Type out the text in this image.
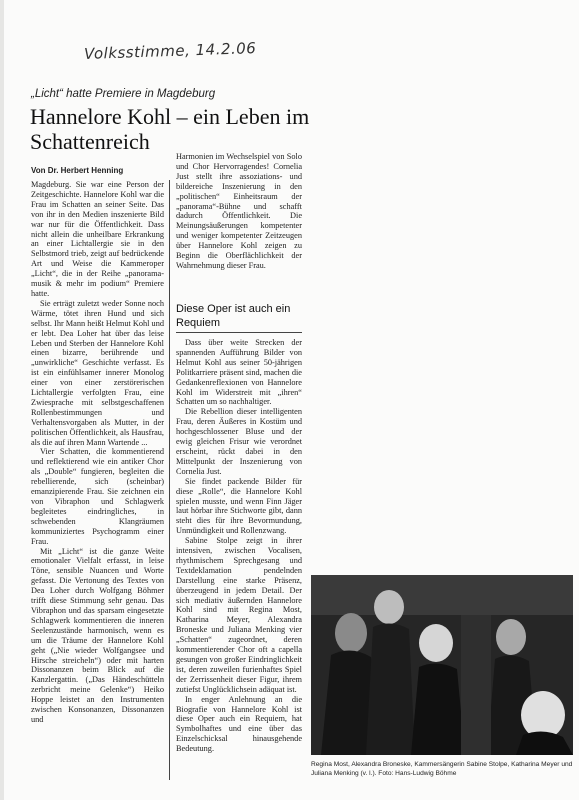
Volksstimme, 14.2.06
„Licht“ hatte Premiere in Magdeburg
Hannelore Kohl – ein Leben im Schattenreich
Von Dr. Herbert Henning

Magdeburg. Sie war eine Person der Zeitgeschichte. Hannelore Kohl war die Frau im Schatten an seiner Seite. Das von ihr in den Medien inszenierte Bild war nur für die Öffentlichkeit. Dass nicht allein die unheilbare Erkrankung an einer Lichtallergie sie in den Selbstmord trieb, zeigt auf bedrückende Art und Weise die Kammeroper „Licht“, die in der Reihe „panorama-musik & mehr im podium“ Premiere hatte.

Sie erträgt zuletzt weder Sonne noch Wärme, tötet ihren Hund und sich selbst. Ihr Mann heißt Helmut Kohl und er lebt. Dea Loher hat über das leise Leben und Sterben der Hannelore Kohl einen bizarre, berührende und „unwirkliche“ Geschichte verfasst. Es ist ein einfühlsamer innerer Monolog einer von einer zerstörerischen Lichtallergie verfolgten Frau, eine Zwiesprache mit selbstgeschaffenen Rollenbestimmungen und Verhaltensvorgaben als Mutter, in der politischen Öffentlichkeit, als Hausfrau, als die auf ihren Mann Wartende ...

Vier Schatten, die kommentierend und reflektierend wie ein antiker Chor als „Double“ fungieren, begleiten die rebellierende, sich (scheinbar) emanzipierende Frau. Sie zeichnen ein von Vibraphon und Schlagwerk begleitetes eindringliches, in schwebenden Klangräumen kommuniziertes Psychogramm einer Frau.

Mit „Licht“ ist die ganze Weite emotionaler Vielfalt erfasst, in leise Töne, sensible Nuancen und Worte gefasst. Die Vertonung des Textes von Dea Loher durch Wolfgang Böhmer trifft diese Stimmung sehr genau. Das Vibraphon und das sparsam eingesetzte Schlagwerk kommentieren die inneren Seelenzustände harmonisch, wenn es um die Träume der Hannelore Kohl geht („Nie wieder Wolfgangsee und Hirsche streicheln“) oder mit harten Dissonanzen beim Blick auf die Kanzlergattin. („Das Händeschütteln zerbricht meine Gelenke“) Heiko Hoppe leistet an den Instrumenten zwischen Konsonanzen, Dissonanzen und

Harmonien im Wechselspiel von Solo und Chor Hervorragendes! Cornelia Just stellt ihre assoziations- und bildereiche Inszenierung in den „politischen“ Einheitsraum der „panorama“-Bühne und schafft dadurch Öffentlichkeit. Die Meinungsäußerungen kompetenter und weniger kompetenter Zeitzeugen über Hannelore Kohl zeigen zu Beginn die Oberflächlichkeit der Wahrnehmung dieser Frau.

Diese Oper ist auch ein Requiem

Dass über weite Strecken der spannenden Aufführung Bilder von Helmut Kohl aus seiner 50-jährigen Politkarriere präsent sind, machen die Gedankenreflexionen von Hannelore Kohl im Widerstreit mit „ihren“ Schatten um so nachhaltiger.

Die Rebellion dieser intelligenten Frau, deren Äußeres in Kostüm und hochgeschlossener Bluse und der ewig gleichen Frisur wie verordnet erscheint, rückt dabei in den Mittelpunkt der Inszenierung von Cornelia Just.

Sie findet packende Bilder für diese „Rolle“, die Hannelore Kohl spielen musste, und wenn Finn Jäger laut hörbar ihre Stichworte gibt, dann steht dies für ihre Bevormundung, Unmündigkeit und Rollenzwang.

Sabine Stolpe zeigt in ihrer intensiven, zwischen Vocalisen, rhythmischem Sprechgesang und Textdeklamation pendelnden Darstellung eine starke Präsenz, überzeugend in jedem Detail. Der sich mediativ äußernden Hannelore Kohl sind mit Regina Most, Katharina Meyer, Alexandra Broneske und Juliana Menking vier „Schatten“ zugeordnet, deren kommentierender Chor oft a capella gesungen von großer Eindringlichkeit ist, deren zuweilen furienhaftes Spiel der Zerrissenheit dieser Figur, ihrem zutiefst Unglücklichsein adäquat ist.

In enger Anlehnung an die Biografie von Hannelore Kohl ist diese Oper auch ein Requiem, hat Symbolhaftes und eine über das Einzelschicksal hinausgehende Bedeutung.

Regina Most, Alexandra Broneske, Kammersängerin Sabine Stolpe, Katharina Meyer und Juliana Menking (v. l.). Foto: Hans-Ludwig Böhme
